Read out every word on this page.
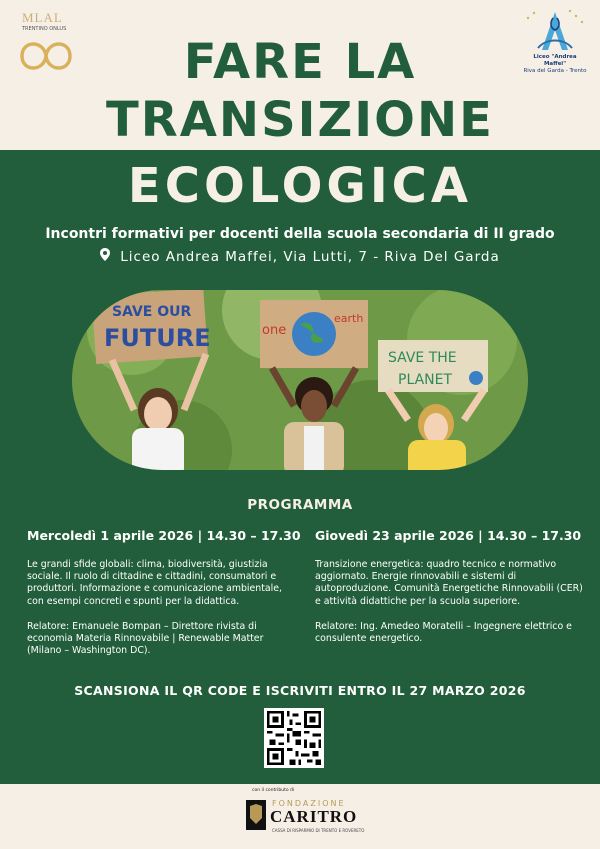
MLAL
TRENTINO ONLUS
Liceo "Andrea Maffei"
Riva del Garda - Trento
FARE LA
TRANSIZIONE
ECOLOGICA
Incontri formativi per docenti della scuola secondaria di II grado
Liceo Andrea Maffei, Via Lutti, 7 - Riva Del Garda
SAVE OUR
FUTURE	one
earth
SAVE THE
PLANET
PROGRAMMA
Mercoledì 1 aprile 2026 | 14.30 – 17.30

Le grandi sfide globali: clima, biodiversità, giustizia sociale. Il ruolo di cittadine e cittadini, consumatori e produttori. Informazione e comunicazione ambientale, con esempi concreti e spunti per la didattica.

Relatore: Emanuele Bompan – Direttore rivista di economia Materia Rinnovabile | Renewable Matter (Milano – Washington DC).

Giovedì 23 aprile 2026 | 14.30 – 17.30

Transizione energetica: quadro tecnico e normativo aggiornato. Energie rinnovabili e sistemi di autoproduzione. Comunità Energetiche Rinnovabili (CER) e attività didattiche per la scuola superiore.

Relatore: Ing. Amedeo Moratelli – Ingegnere elettrico e consulente energetico.

SCANSIONA IL QR CODE E ISCRIVITI ENTRO IL 27 MARZO 2026
con il contributo di
FONDAZIONE
CARITRO
CASSA DI RISPARMIO DI TRENTO E ROVERETO
